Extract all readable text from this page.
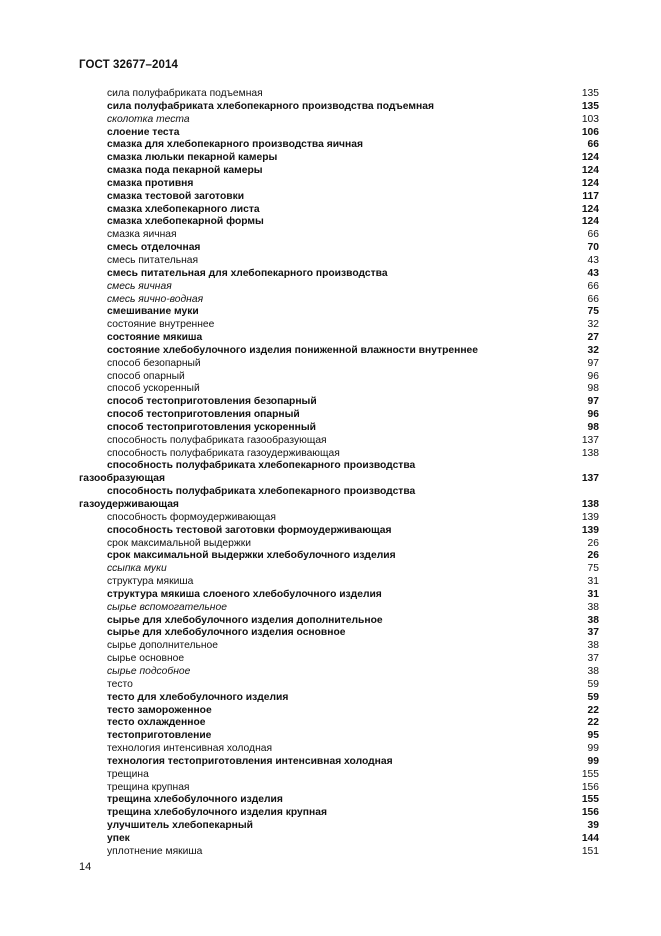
ГОСТ 32677–2014
сила полуфабриката подъемная	135
сила полуфабриката хлебопекарного производства подъемная	135
сколотка теста	103
слоение теста	106
смазка для хлебопекарного производства яичная	66
смазка люльки пекарной камеры	124
смазка пода пекарной камеры	124
смазка противня	124
смазка тестовой заготовки	117
смазка хлебопекарного листа	124
смазка хлебопекарной формы	124
смазка яичная	66
смесь отделочная	70
смесь питательная	43
смесь питательная для хлебопекарного производства	43
смесь яичная	66
смесь яично-водная	66
смешивание муки	75
состояние внутреннее	32
состояние мякиша	27
состояние хлебобулочного изделия пониженной влажности внутреннее	32
способ безопарный	97
способ опарный	96
способ ускоренный	98
способ тестоприготовления безопарный	97
способ тестоприготовления опарный	96
способ тестоприготовления ускоренный	98
способность полуфабриката газообразующая	137
способность полуфабриката газоудерживающая	138
способность полуфабриката хлебопекарного производства
газообразующая	137
способность полуфабриката хлебопекарного производства
газоудерживающая	138
способность формоудерживающая	139
способность тестовой заготовки формоудерживающая	139
срок максимальной выдержки	26
срок максимальной выдержки хлебобулочного изделия	26
ссыпка муки	75
структура мякиша	31
структура мякиша слоеного хлебобулочного изделия	31
сырье вспомогательное	38
сырье для хлебобулочного изделия дополнительное	38
сырье для хлебобулочного изделия основное	37
сырье дополнительное	38
сырье основное	37
сырье подсобное	38
тесто	59
тесто для хлебобулочного изделия	59
тесто замороженное	22
тесто охлажденное	22
тестоприготовление	95
технология интенсивная холодная	99
технология тестоприготовления интенсивная холодная	99
трещина	155
трещина крупная	156
трещина хлебобулочного изделия	155
трещина хлебобулочного изделия крупная	156
улучшитель хлебопекарный	39
упек	144
уплотнение мякиша	151
14
